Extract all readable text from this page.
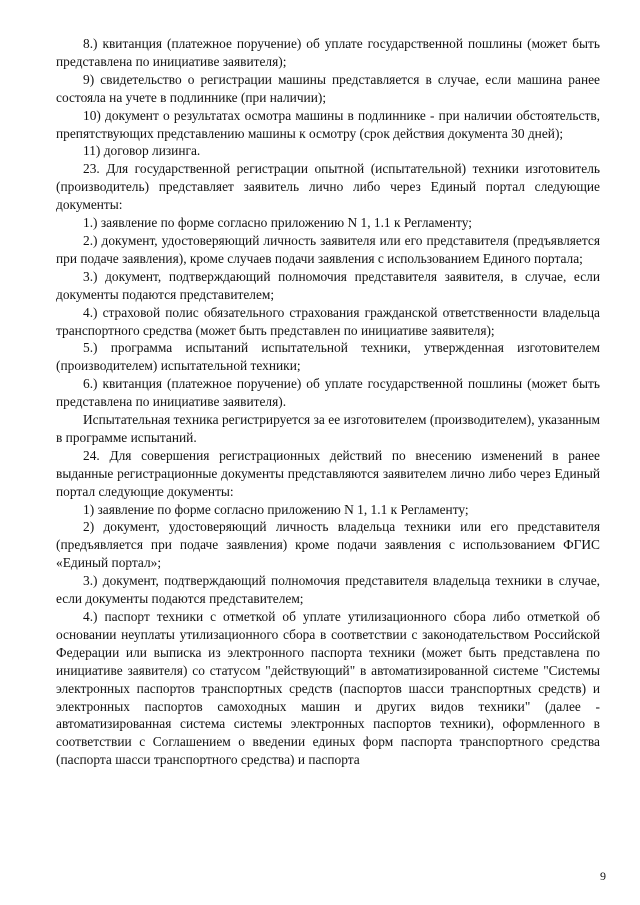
8.) квитанция (платежное поручение) об уплате государственной пошлины (может быть представлена по инициативе заявителя);

9) свидетельство о регистрации машины представляется в случае, если машина ранее состояла на учете в подлиннике (при наличии);

10) документ о результатах осмотра машины в подлиннике - при наличии обстоятельств, препятствующих представлению машины к осмотру (срок действия документа 30 дней);

11) договор лизинга.

23. Для государственной регистрации опытной (испытательной) техники изготовитель (производитель) представляет заявитель лично либо через Единый портал следующие документы:

1.) заявление по форме согласно приложению N 1, 1.1 к Регламенту;

2.) документ, удостоверяющий личность заявителя или его представителя (предъявляется при подаче заявления), кроме случаев подачи заявления с использованием Единого портала;

3.) документ, подтверждающий полномочия представителя заявителя, в случае, если документы подаются представителем;

4.) страховой полис обязательного страхования гражданской ответственности владельца транспортного средства (может быть представлен по инициативе заявителя);

5.) программа испытаний испытательной техники, утвержденная изготовителем (производителем) испытательной техники;

6.) квитанция (платежное поручение) об уплате государственной пошлины (может быть представлена по инициативе заявителя).

Испытательная техника регистрируется за ее изготовителем (производителем), указанным в программе испытаний.

24. Для совершения регистрационных действий по внесению изменений в ранее выданные регистрационные документы представляются заявителем лично либо через Единый портал следующие документы:

1) заявление по форме согласно приложению N 1, 1.1 к Регламенту;

2) документ, удостоверяющий личность владельца техники или его представителя (предъявляется при подаче заявления) кроме подачи заявления с использованием ФГИС «Единый портал»;

3.) документ, подтверждающий полномочия представителя владельца техники в случае, если документы подаются представителем;

4.) паспорт техники с отметкой об уплате утилизационного сбора либо отметкой об основании неуплаты утилизационного сбора в соответствии с законодательством Российской Федерации или выписка из электронного паспорта техники (может быть представлена по инициативе заявителя) со статусом "действующий" в автоматизированной системе "Системы электронных паспортов транспортных средств (паспортов шасси транспортных средств) и электронных паспортов самоходных машин и других видов техники" (далее - автоматизированная система системы электронных паспортов техники), оформленного в соответствии с Соглашением о введении единых форм паспорта транспортного средства (паспорта шасси транспортного средства) и паспорта

9
